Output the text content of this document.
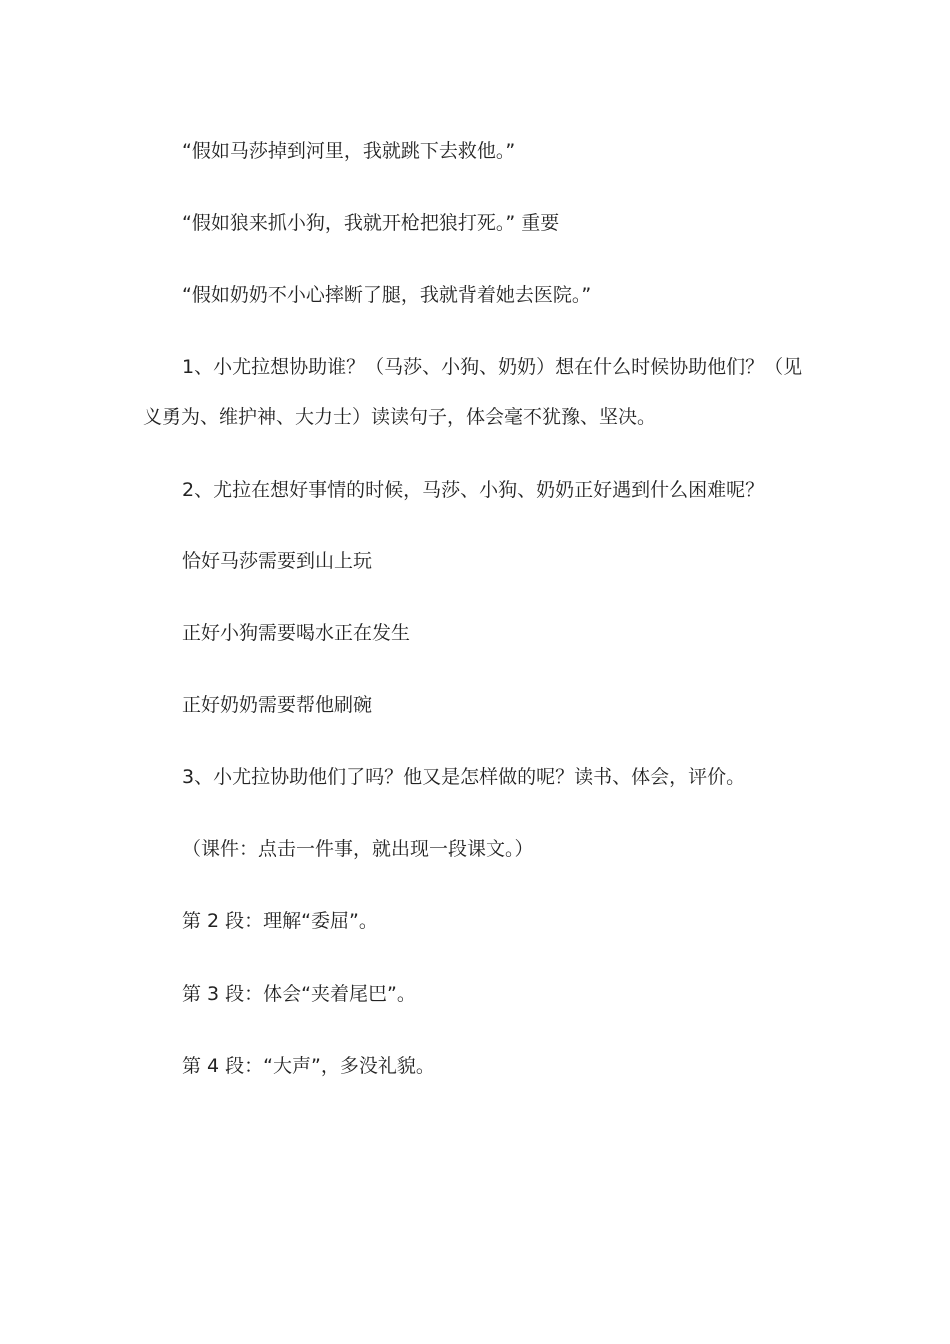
“假如马莎掉到河里，我就跳下去救他。”
“假如狼来抓小狗，我就开枪把狼打死。” 重要
“假如奶奶不小心摔断了腿，我就背着她去医院。”
1、小尤拉想协助谁？（马莎、小狗、奶奶）想在什么时候协助他们？（见
义勇为、维护神、大力士）读读句子，体会毫不犹豫、坚决。
2、尤拉在想好事情的时候，马莎、小狗、奶奶正好遇到什么困难呢？
恰好马莎需要到山上玩
正好小狗需要喝水正在发生
正好奶奶需要帮他刷碗
3、小尤拉协助他们了吗？他又是怎样做的呢？读书、体会，评价。
（课件：点击一件事，就出现一段课文。）
第 2 段：理解“委屈”。
第 3 段：体会“夹着尾巴”。
第 4 段：“大声”，多没礼貌。
